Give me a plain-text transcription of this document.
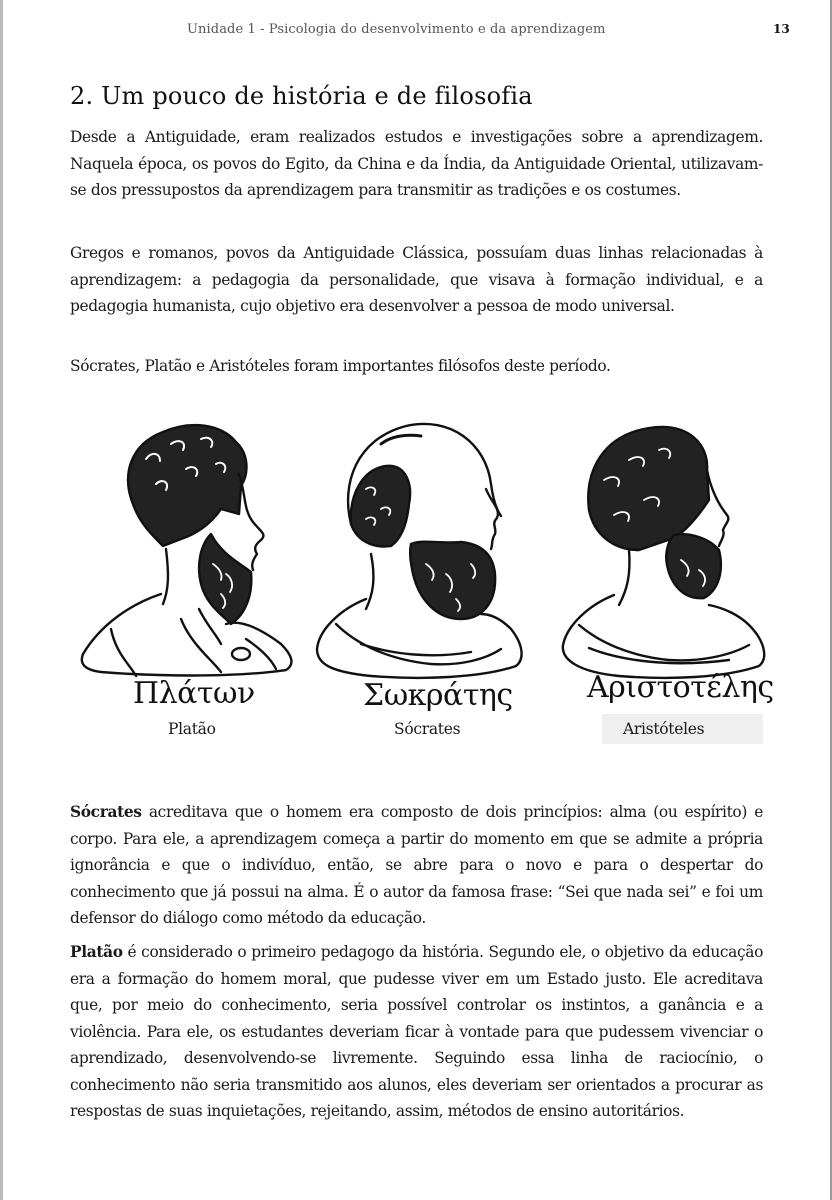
Unidade 1 - Psicologia do desenvolvimento e da aprendizagem	13
2. Um pouco de história e de filosofia

Desde a Antiguidade, eram realizados estudos e investigações sobre a aprendizagem. Naquela época, os povos do Egito, da China e da Índia, da Antiguidade Oriental, utilizavam-se dos pressupostos da aprendizagem para transmitir as tradições e os costumes.

Gregos e romanos, povos da Antiguidade Clássica, possuíam duas linhas relacionadas à aprendizagem: a pedagogia da personalidade, que visava à formação individual, e a pedagogia humanista, cujo objetivo era desenvolver a pessoa de modo universal.

Sócrates, Platão e Aristóteles foram importantes filósofos deste período.

Πλάτων	Σωκράτης Αριστοτέλης
Platão	Sócrates	Aristóteles

Sócrates acreditava que o homem era composto de dois princípios: alma (ou espírito) e corpo. Para ele, a aprendizagem começa a partir do momento em que se admite a própria ignorância e que o indivíduo, então, se abre para o novo e para o despertar do conhecimento que já possui na alma. É o autor da famosa frase: “Sei que nada sei” e foi um defensor do diálogo como método da educação.

Platão é considerado o primeiro pedagogo da história. Segundo ele, o objetivo da educação era a formação do homem moral, que pudesse viver em um Estado justo. Ele acreditava que, por meio do conhecimento, seria possível controlar os instintos, a ganância e a violência. Para ele, os estudantes deveriam ficar à vontade para que pudessem vivenciar o aprendizado, desenvolvendo-se livremente. Seguindo essa linha de raciocínio, o conhecimento não seria transmitido aos alunos, eles deveriam ser orientados a procurar as respostas de suas inquietações, rejeitando, assim, métodos de ensino autoritários.
